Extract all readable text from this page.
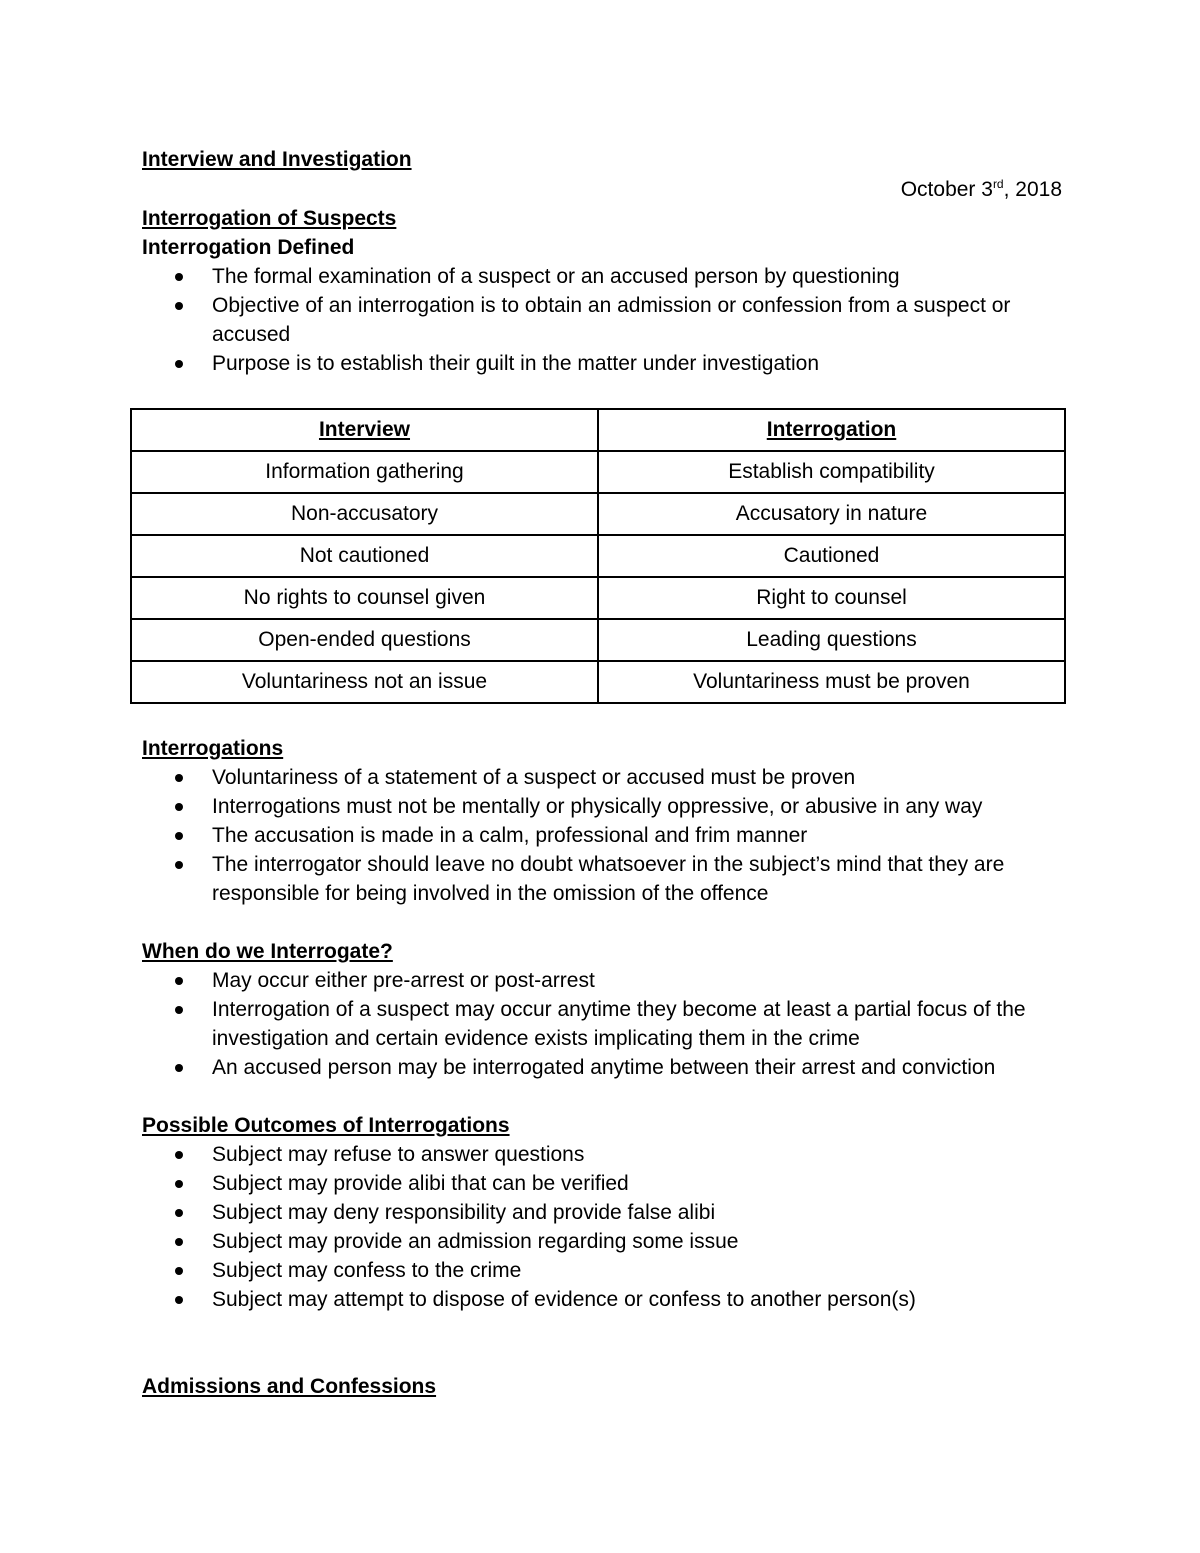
Interview and Investigation
October 3rd, 2018
Interrogation of Suspects
Interrogation Defined
The formal examination of a suspect or an accused person by questioning
Objective of an interrogation is to obtain an admission or confession from a suspect or accused
Purpose is to establish their guilt in the matter under investigation
Interview	Interrogation
Information gathering	Establish compatibility
Non-accusatory	Accusatory in nature
Not cautioned	Cautioned
No rights to counsel given	Right to counsel
Open-ended questions	Leading questions
Voluntariness not an issue	Voluntariness must be proven
Interrogations
Voluntariness of a statement of a suspect or accused must be proven
Interrogations must not be mentally or physically oppressive, or abusive in any way
The accusation is made in a calm, professional and frim manner
The interrogator should leave no doubt whatsoever in the subject’s mind that they are responsible for being involved in the omission of the offence
When do we Interrogate?
May occur either pre-arrest or post-arrest
Interrogation of a suspect may occur anytime they become at least a partial focus of the investigation and certain evidence exists implicating them in the crime
An accused person may be interrogated anytime between their arrest and conviction
Possible Outcomes of Interrogations
Subject may refuse to answer questions
Subject may provide alibi that can be verified
Subject may deny responsibility and provide false alibi
Subject may provide an admission regarding some issue
Subject may confess to the crime
Subject may attempt to dispose of evidence or confess to another person(s)
Admissions and Confessions
